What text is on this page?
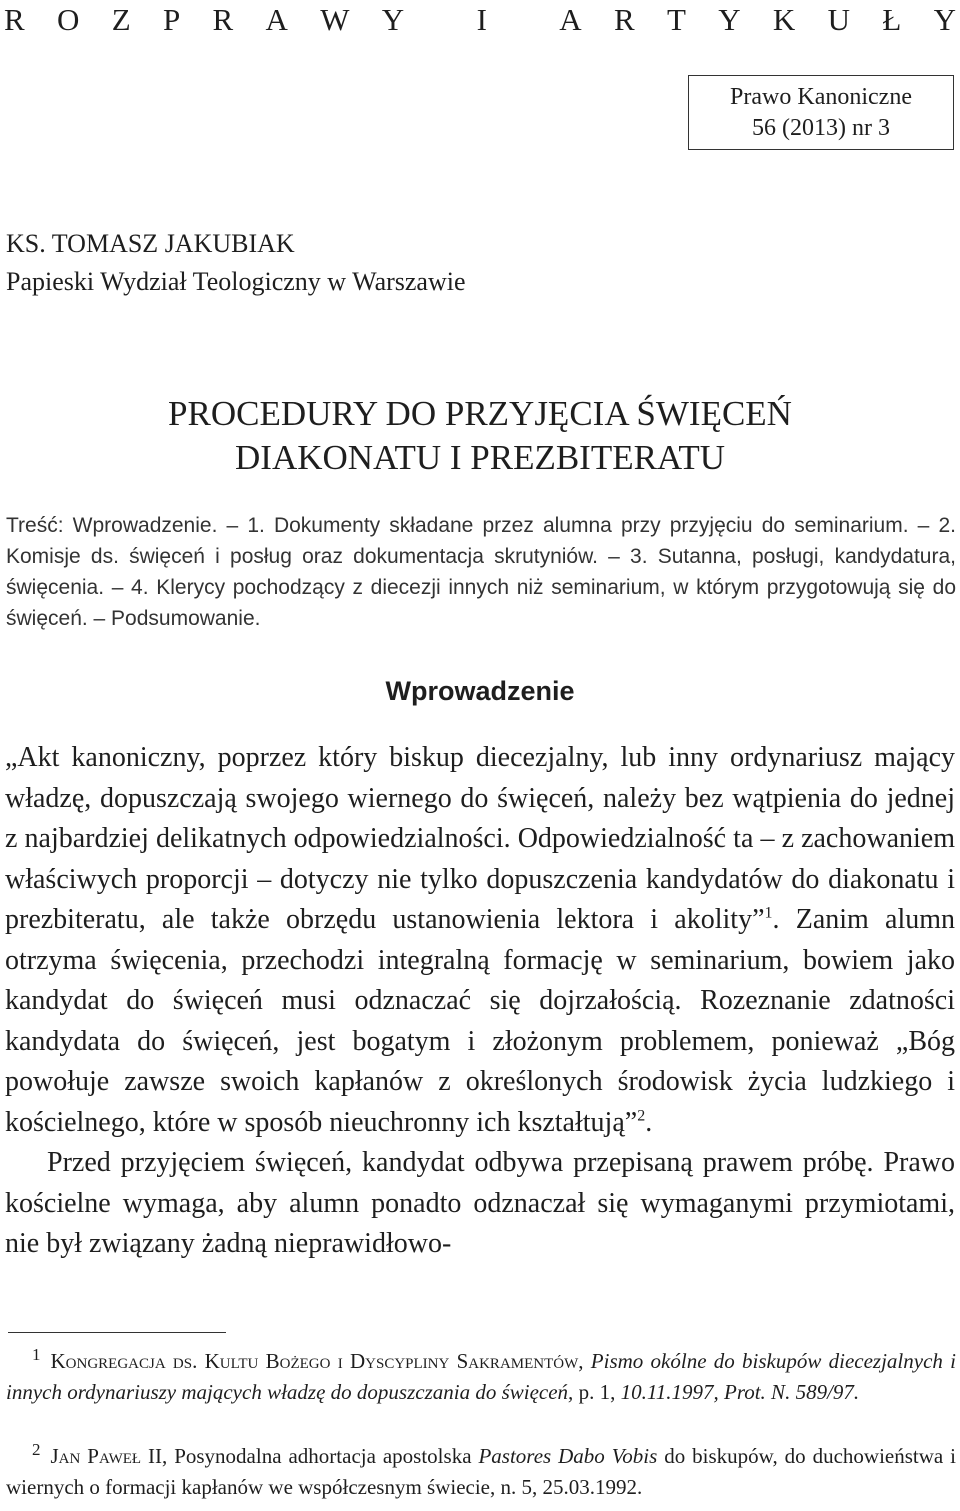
R O Z P R A W Y
I
A R T Y K U Ł Y
Prawo Kanoniczne
56 (2013) nr 3
KS. TOMASZ JAKUBIAK
Papieski Wydział Teologiczny w Warszawie
PROCEDURY DO PRZYJĘCIA ŚWIĘCEŃ
DIAKONATU I PREZBITERATU
Treść: Wprowadzenie. – 1. Dokumenty składane przez alumna przy przyjęciu do seminarium. – 2. Komisje ds. święceń i posług oraz dokumentacja skrutyniów. – 3. Sutanna, posługi, kandydatura, święcenia. – 4. Klerycy pochodzący z diecezji innych niż seminarium, w którym przygotowują się do święceń. – Podsumowanie.
Wprowadzenie

„Akt kanoniczny, poprzez który biskup diecezjalny, lub inny ordynariusz mający władzę, dopuszczają swojego wiernego do święceń, należy bez wątpienia do jednej z najbardziej delikatnych odpowiedzialności. Odpowiedzialność ta – z zachowaniem właściwych proporcji – dotyczy nie tylko dopuszczenia kandydatów do diakonatu i prezbiteratu, ale także obrzędu ustanowienia lektora i akolity”$^1$. Zanim alumn otrzyma święcenia, przechodzi integralną formację w seminarium, bowiem jako kandydat do święceń musi odznaczać się dojrzałością. Rozeznanie zdatności kandydata do święceń, jest bogatym i złożonym problemem, ponieważ „Bóg powołuje zawsze swoich kapłanów z określonych środowisk życia ludzkiego i kościelnego, które w sposób nieuchronny ich kształtują”$^2$.

Przed przyjęciem święceń, kandydat odbywa przepisaną prawem próbę. Prawo kościelne wymaga, aby alumn ponadto odznaczał się wymaganymi przymiotami, nie był związany żadną nieprawidłowo-

$^1$ Kongregacja ds. Kultu Bożego i Dyscypliny Sakramentów, Pismo okólne do biskupów diecezjalnych i innych ordynariuszy mających władzę do dopuszczania do święceń, p. 1, 10.11.1997, Prot. N. 589/97.
$^2$ Jan Paweł II, Posynodalna adhortacja apostolska Pastores Dabo Vobis do biskupów, do duchowieństwa i wiernych o formacji kapłanów we współczesnym świecie, n. 5, 25.03.1992.
